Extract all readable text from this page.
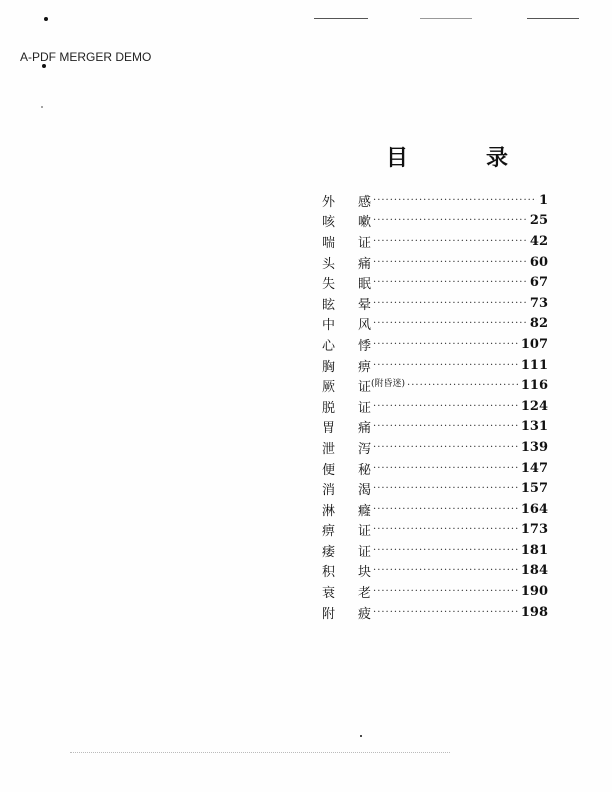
A-PDF MERGER DEMO
目　录
外	感 ·····	1
咳	嗽 ·····	25
喘	证 ·····	42
头	痛 ·····	60
失	眠 ·····	67
眩	晕 ·····	73
中	风 ·····	82
心	悸 ·····	107
胸	痹 ·····	111
厥	证 (附昏迷) ·····	116
脱	证 ·····	124
胃	痛 ·····	131
泄	泻 ·····	139
便	秘 ·····	147
消	渴 ·····	157
淋	癃 ·····	164
痹	证 ·····	173
痿	证 ·····	181
积	块 ·····	184
衰	老 ·····	190
附	疲 ·····	198
